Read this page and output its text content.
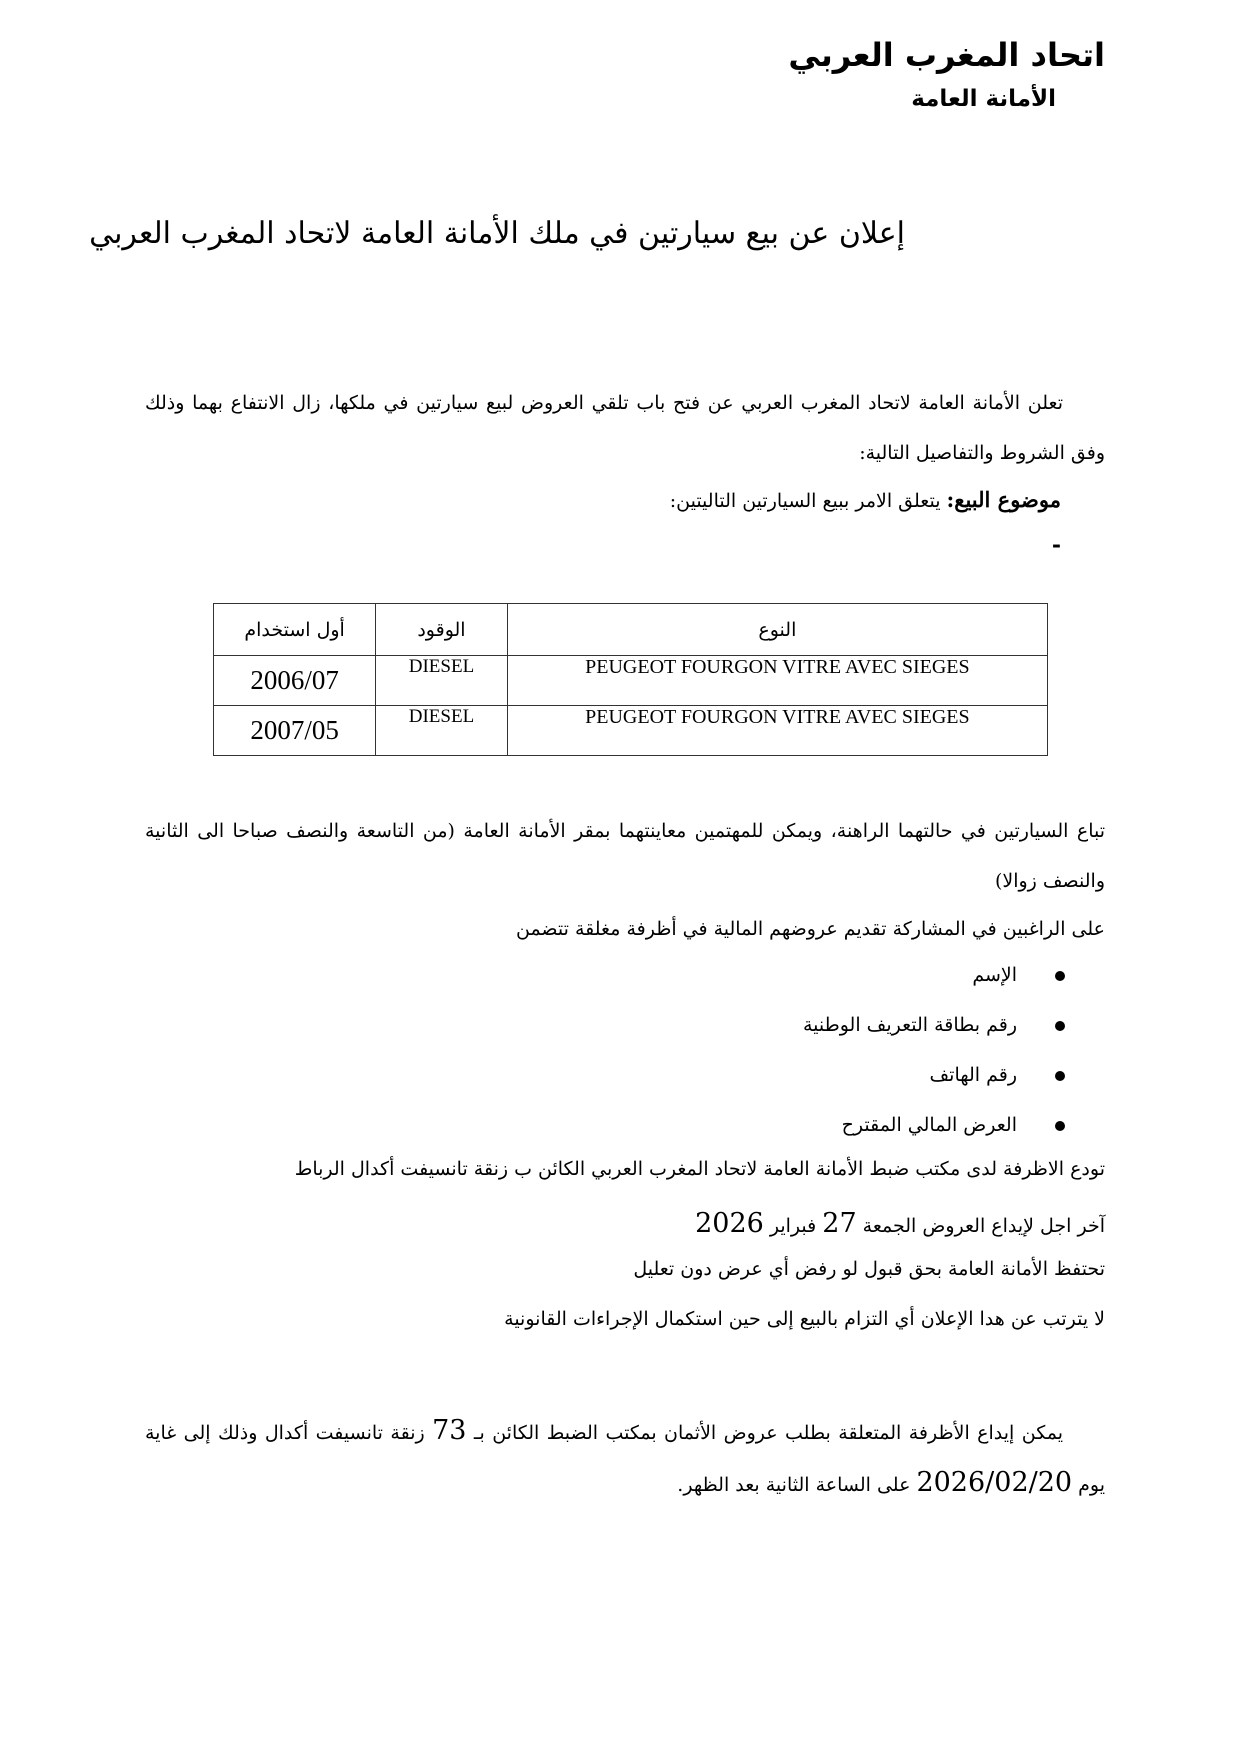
اتحاد المغرب العربي
الأمانة العامة
إعلان عن بيع سيارتين في ملك الأمانة العامة لاتحاد المغرب العربي
تعلن الأمانة العامة لاتحاد المغرب العربي عن فتح باب تلقي العروض لبيع سيارتين في ملكها، زال الانتفاع بهما وذلك وفق الشروط والتفاصيل التالية:
موضوع البيع: يتعلق الامر ببيع السيارتين التاليتين:
-
النوع	الوقود	أول استخدام
PEUGEOT FOURGON VITRE AVEC SIEGES	DIESEL	2006/07
PEUGEOT FOURGON VITRE AVEC SIEGES	DIESEL	2007/05
تباع السيارتين في حالتهما الراهنة، ويمكن للمهتمين معاينتهما بمقر الأمانة العامة (من التاسعة والنصف صباحا الى الثانية والنصف زوالا)
على الراغبين في المشاركة تقديم عروضهم المالية في أظرفة مغلقة تتضمن
الإسم
رقم بطاقة التعريف الوطنية
رقم الهاتف
العرض المالي المقترح
تودع الاظرفة لدى مكتب ضبط الأمانة العامة لاتحاد المغرب العربي الكائن ب زنقة تانسيفت أكدال الرباط
آخر اجل لإيداع العروض الجمعة 27 فبراير 2026
تحتفظ الأمانة العامة بحق قبول لو رفض أي عرض دون تعليل
لا يترتب عن هدا الإعلان أي التزام بالبيع إلى حين استكمال الإجراءات القانونية
يمكن إيداع الأظرفة المتعلقة بطلب عروض الأثمان بمكتب الضبط الكائن بـ 73 زنقة تانسيفت أكدال وذلك إلى غاية يوم 2026/02/20 على الساعة الثانية بعد الظهر.
